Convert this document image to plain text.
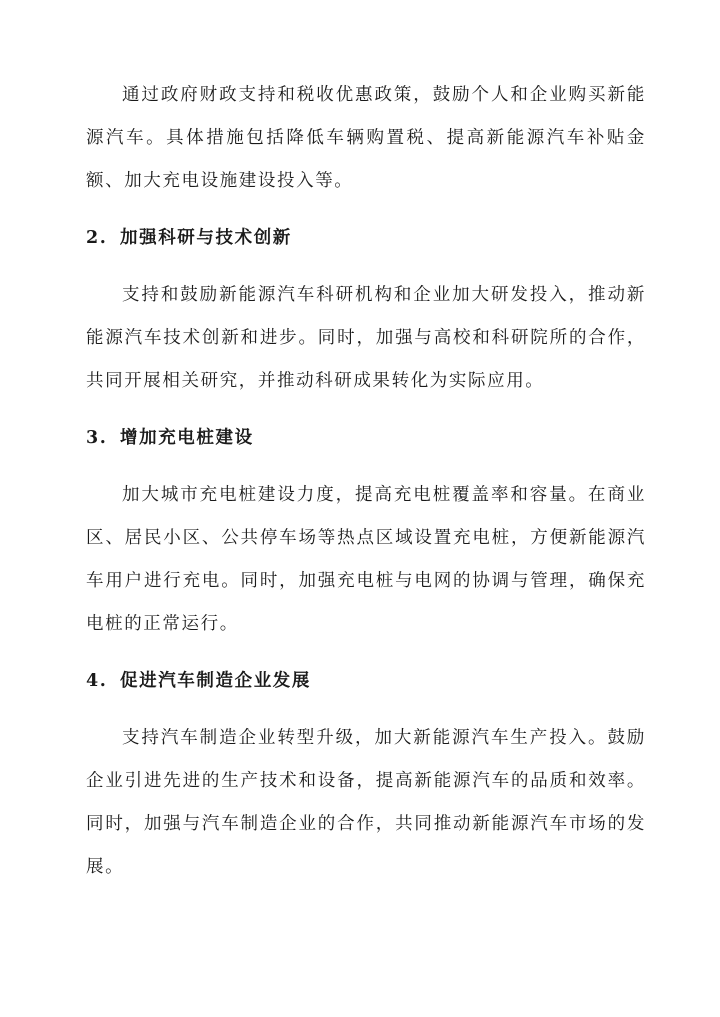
通过政府财政支持和税收优惠政策，鼓励个人和企业购买新能源汽车。具体措施包括降低车辆购置税、提高新能源汽车补贴金额、加大充电设施建设投入等。

2. 加强科研与技术创新

支持和鼓励新能源汽车科研机构和企业加大研发投入，推动新能源汽车技术创新和进步。同时，加强与高校和科研院所的合作，共同开展相关研究，并推动科研成果转化为实际应用。

3. 增加充电桩建设

加大城市充电桩建设力度，提高充电桩覆盖率和容量。在商业区、居民小区、公共停车场等热点区域设置充电桩，方便新能源汽车用户进行充电。同时，加强充电桩与电网的协调与管理，确保充电桩的正常运行。

4. 促进汽车制造企业发展

支持汽车制造企业转型升级，加大新能源汽车生产投入。鼓励企业引进先进的生产技术和设备，提高新能源汽车的品质和效率。同时，加强与汽车制造企业的合作，共同推动新能源汽车市场的发展。
